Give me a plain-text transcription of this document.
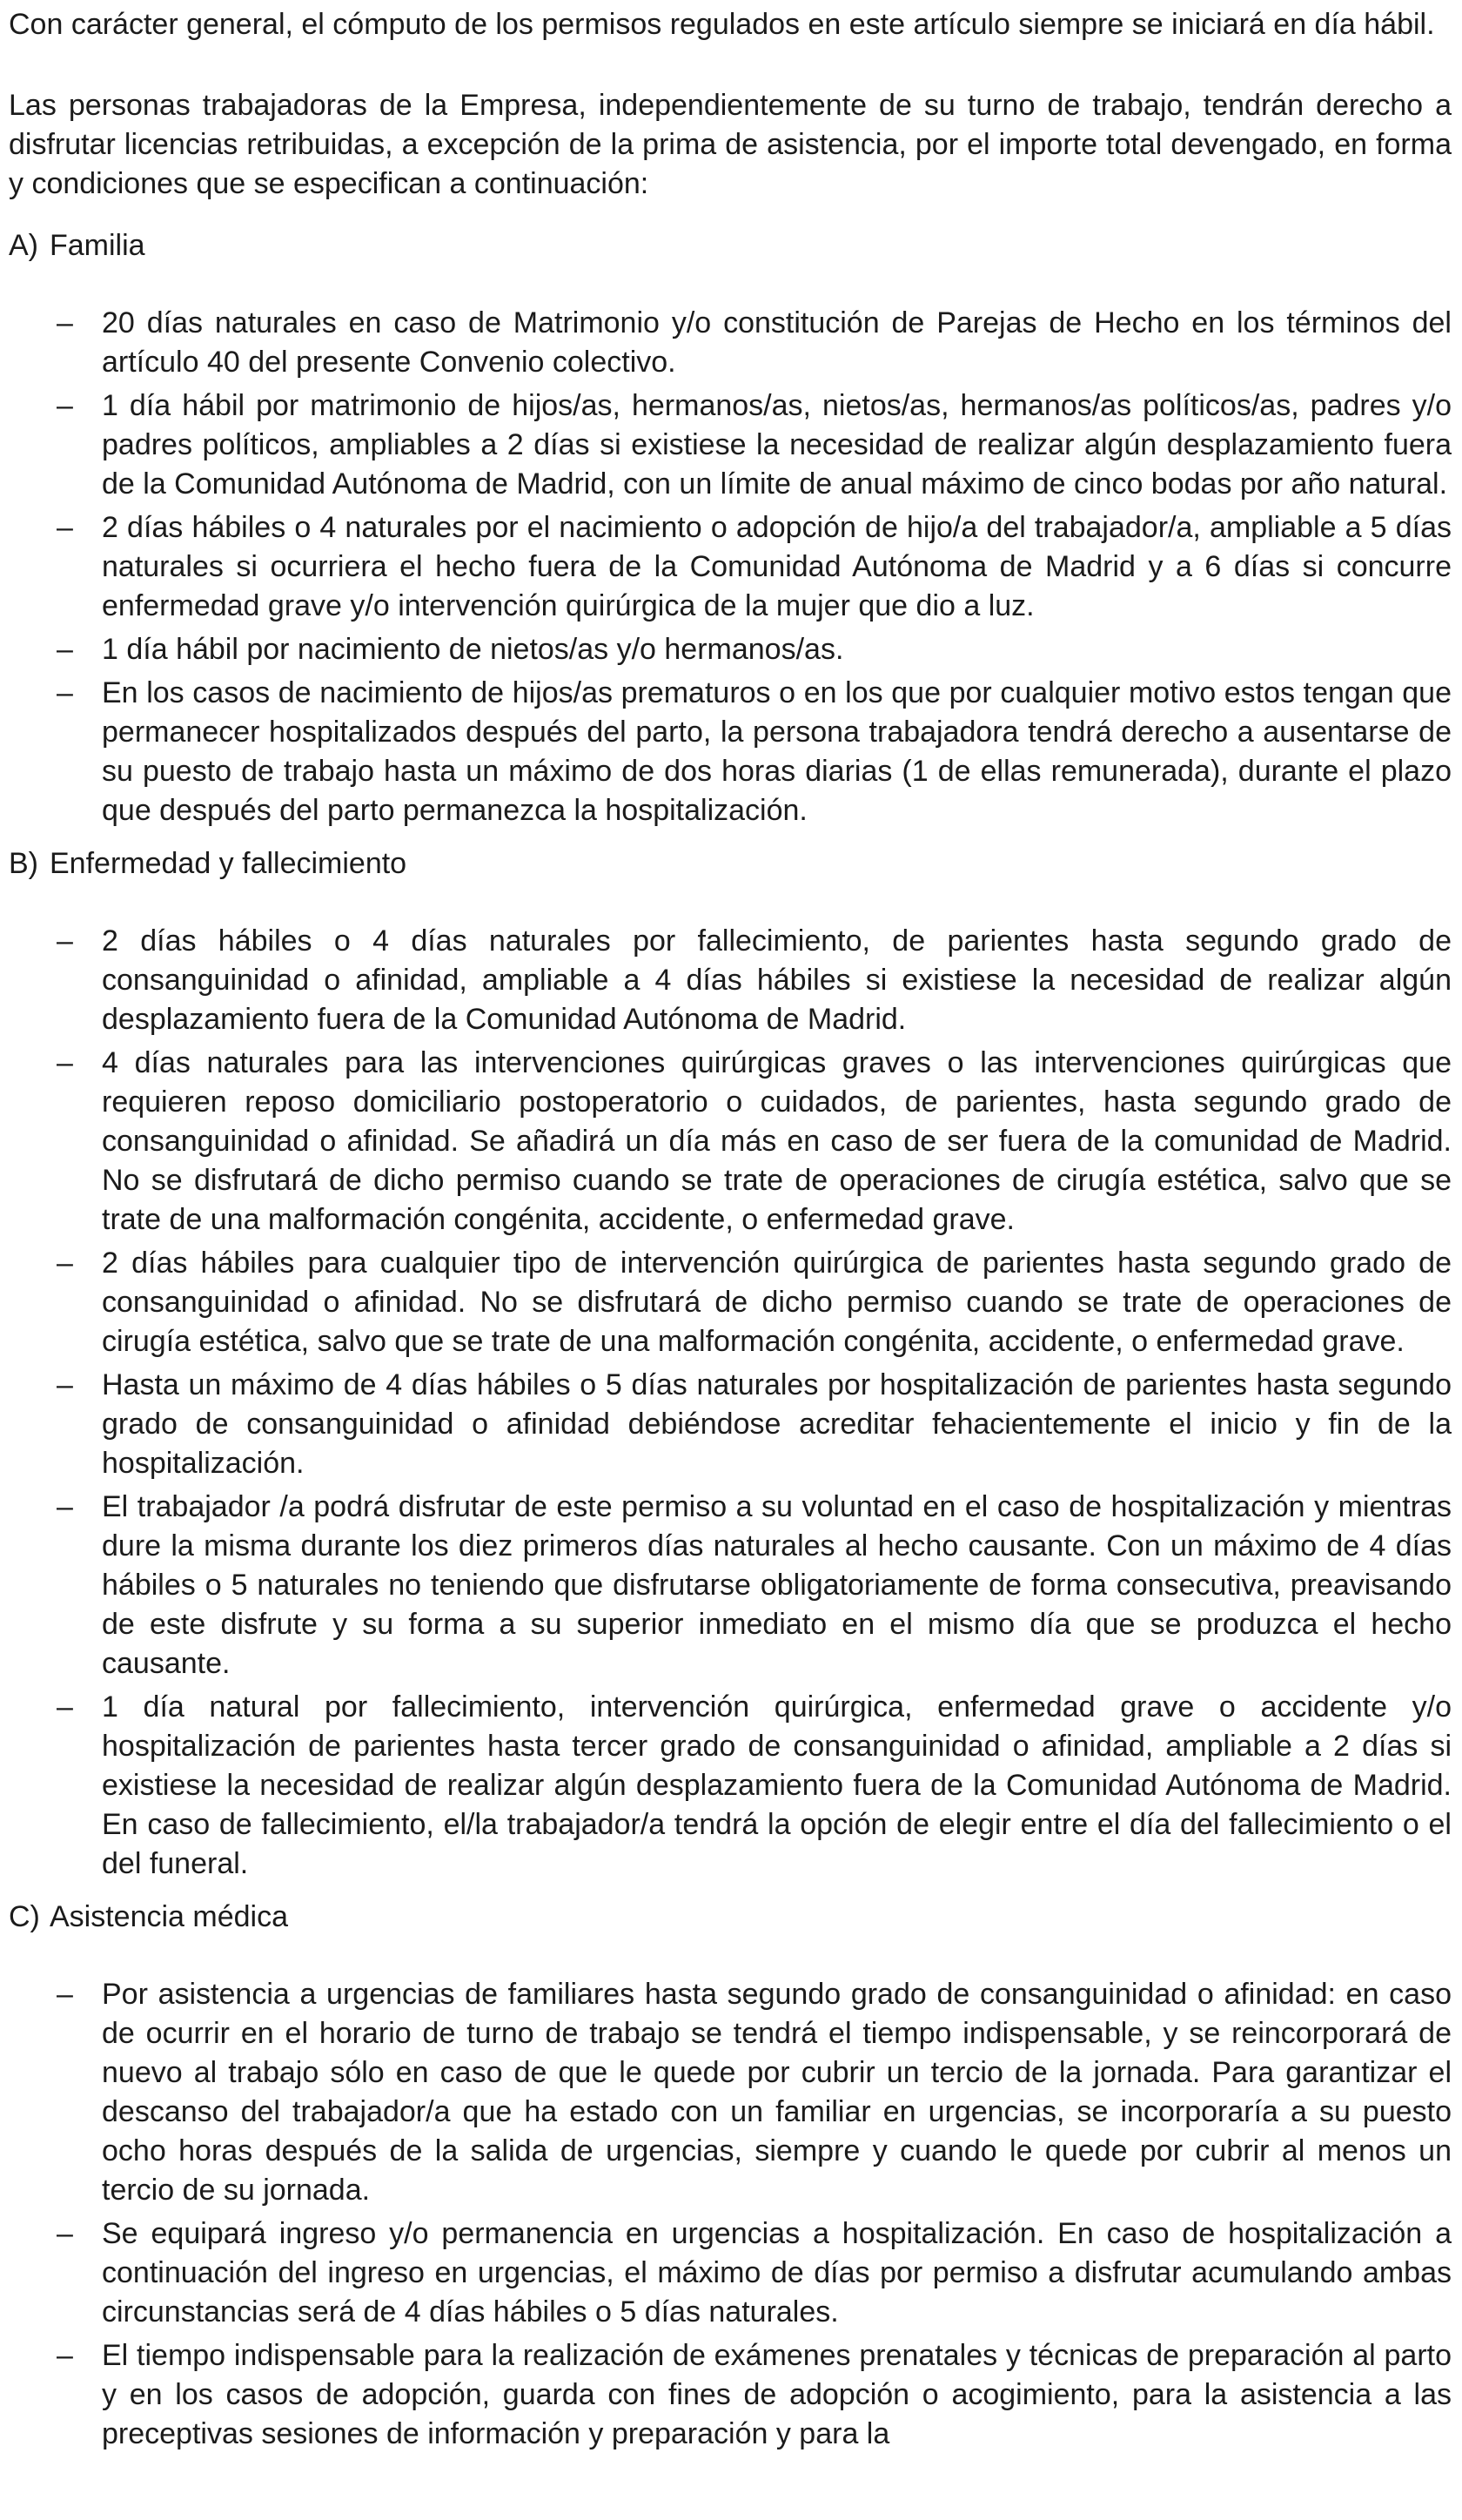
Con carácter general, el cómputo de los permisos regulados en este artículo siempre se iniciará en día hábil.

Las personas trabajadoras de la Empresa, independientemente de su turno de trabajo, tendrán derecho a disfrutar licencias retribuidas, a excepción de la prima de asistencia, por el importe total devengado, en forma y condiciones que se especifican a continuación:

A) Familia
– 20 días naturales en caso de Matrimonio y/o constitución de Parejas de Hecho en los términos del artículo 40 del presente Convenio colectivo.
– 1 día hábil por matrimonio de hijos/as, hermanos/as, nietos/as, hermanos/as políticos/as, padres y/o padres políticos, ampliables a 2 días si existiese la necesidad de realizar algún desplazamiento fuera de la Comunidad Autónoma de Madrid, con un límite de anual máximo de cinco bodas por año natural.
– 2 días hábiles o 4 naturales por el nacimiento o adopción de hijo/a del trabajador/a, ampliable a 5 días naturales si ocurriera el hecho fuera de la Comunidad Autónoma de Madrid y a 6 días si concurre enfermedad grave y/o intervención quirúrgica de la mujer que dio a luz.
– 1 día hábil por nacimiento de nietos/as y/o hermanos/as.
– En los casos de nacimiento de hijos/as prematuros o en los que por cualquier motivo estos tengan que permanecer hospitalizados después del parto, la persona trabajadora tendrá derecho a ausentarse de su puesto de trabajo hasta un máximo de dos horas diarias (1 de ellas remunerada), durante el plazo que después del parto permanezca la hospitalización.
B) Enfermedad y fallecimiento
– 2 días hábiles o 4 días naturales por fallecimiento, de parientes hasta segundo grado de consanguinidad o afinidad, ampliable a 4 días hábiles si existiese la necesidad de realizar algún desplazamiento fuera de la Comunidad Autónoma de Madrid.
– 4 días naturales para las intervenciones quirúrgicas graves o las intervenciones quirúrgicas que requieren reposo domiciliario postoperatorio o cuidados, de parientes, hasta segundo grado de consanguinidad o afinidad. Se añadirá un día más en caso de ser fuera de la comunidad de Madrid. No se disfrutará de dicho permiso cuando se trate de operaciones de cirugía estética, salvo que se trate de una malformación congénita, accidente, o enfermedad grave.
– 2 días hábiles para cualquier tipo de intervención quirúrgica de parientes hasta segundo grado de consanguinidad o afinidad. No se disfrutará de dicho permiso cuando se trate de operaciones de cirugía estética, salvo que se trate de una malformación congénita, accidente, o enfermedad grave.
– Hasta un máximo de 4 días hábiles o 5 días naturales por hospitalización de parientes hasta segundo grado de consanguinidad o afinidad debiéndose acreditar fehacientemente el inicio y fin de la hospitalización.
– El trabajador /a podrá disfrutar de este permiso a su voluntad en el caso de hospitalización y mientras dure la misma durante los diez primeros días naturales al hecho causante. Con un máximo de 4 días hábiles o 5 naturales no teniendo que disfrutarse obligatoriamente de forma consecutiva, preavisando de este disfrute y su forma a su superior inmediato en el mismo día que se produzca el hecho causante.
– 1 día natural por fallecimiento, intervención quirúrgica, enfermedad grave o accidente y/o hospitalización de parientes hasta tercer grado de consanguinidad o afinidad, ampliable a 2 días si existiese la necesidad de realizar algún desplazamiento fuera de la Comunidad Autónoma de Madrid. En caso de fallecimiento, el/la trabajador/a tendrá la opción de elegir entre el día del fallecimiento o el del funeral.
C) Asistencia médica
– Por asistencia a urgencias de familiares hasta segundo grado de consanguinidad o afinidad: en caso de ocurrir en el horario de turno de trabajo se tendrá el tiempo indispensable, y se reincorporará de nuevo al trabajo sólo en caso de que le quede por cubrir un tercio de la jornada. Para garantizar el descanso del trabajador/a que ha estado con un familiar en urgencias, se incorporaría a su puesto ocho horas después de la salida de urgencias, siempre y cuando le quede por cubrir al menos un tercio de su jornada.
– Se equipará ingreso y/o permanencia en urgencias a hospitalización. En caso de hospitalización a continuación del ingreso en urgencias, el máximo de días por permiso a disfrutar acumulando ambas circunstancias será de 4 días hábiles o 5 días naturales.
– El tiempo indispensable para la realización de exámenes prenatales y técnicas de preparación al parto y en los casos de adopción, guarda con fines de adopción o acogimiento, para la asistencia a las preceptivas sesiones de información y preparación y para la
